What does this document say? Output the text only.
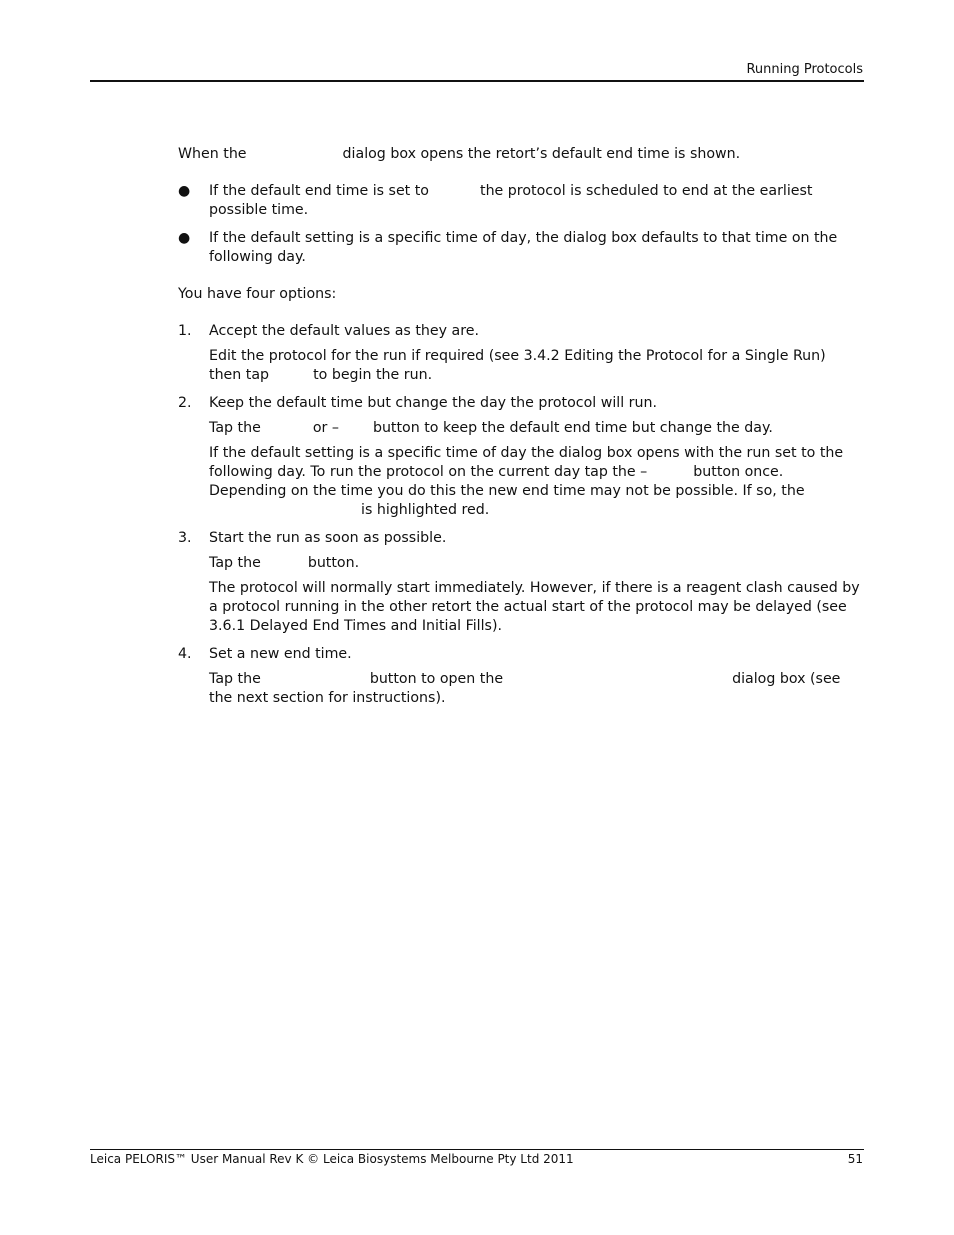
Running Protocols

When the	dialog box opens the retort’s default end time is shown.

● If the default end time is set to	the protocol is scheduled to end at the earliest possible time.
● If the default setting is a specific time of day, the dialog box defaults to that time on the following day.

You have four options:

1. Accept the default values as they are.

Edit the protocol for the run if required (see 3.4.2 Editing the Protocol for a Single Run) then tap	to begin the run.

2. Keep the default time but change the day the protocol will run.

Tap the	or – button to keep the default end time but change the day.

If the default setting is a specific time of day the dialog box opens with the run set to the following day. To run the protocol on the current day tap the –	button once. Depending on the time you do this the new end time may not be possible. If so, theis highlighted red.

3. Start the run as soon as possible.

Tap the	button.

The protocol will normally start immediately. However, if there is a reagent clash caused by a protocol running in the other retort the actual start of the protocol may be delayed (see 3.6.1 Delayed End Times and Initial Fills).

4. Set a new end time.

Tap the	button to open the	dialog box (see the next section for instructions).

Leica PELORIS™ User Manual Rev K © Leica Biosystems Melbourne Pty Ltd 2011	51
